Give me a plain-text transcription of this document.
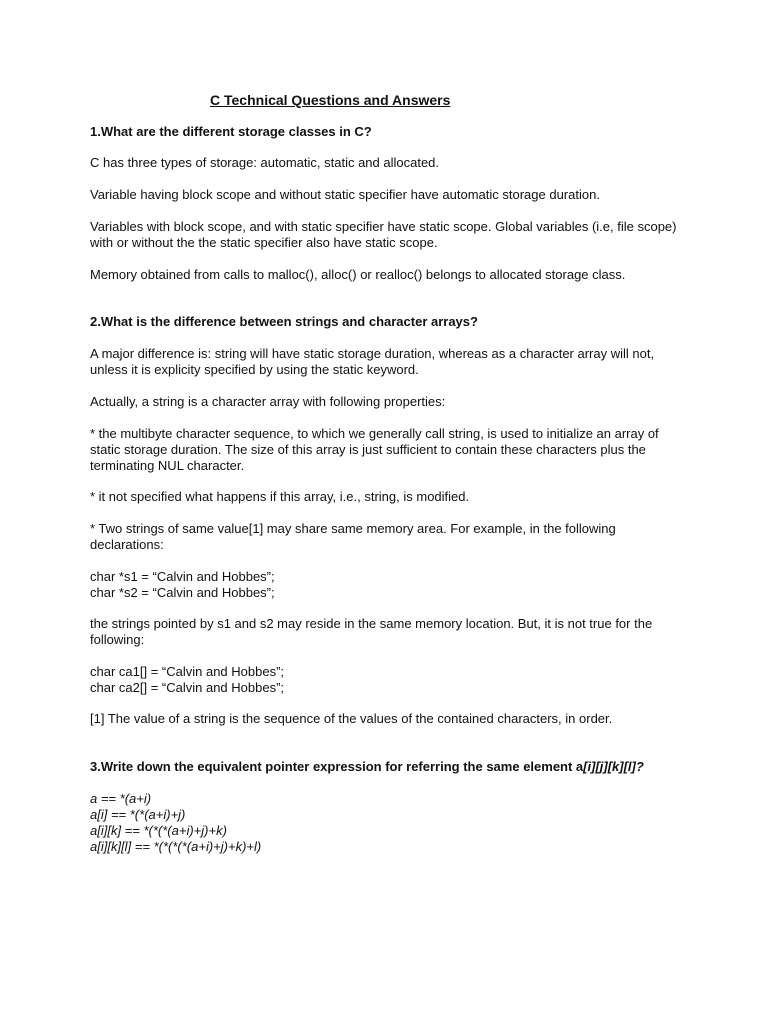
C Technical Questions and Answers

1.What are the different storage classes in C?

C has three types of storage: automatic, static and allocated.

Variable having block scope and without static specifier have automatic storage duration.

Variables with block scope, and with static specifier have static scope. Global variables (i.e, file scope) with or without the the static specifier also have static scope.

Memory obtained from calls to malloc(), alloc() or realloc() belongs to allocated storage class.

2.What is the difference between strings and character arrays?

A major difference is: string will have static storage duration, whereas as a character array will not, unless it is explicity specified by using the static keyword.

Actually, a string is a character array with following properties:

* the multibyte character sequence, to which we generally call string, is used to initialize an array of static storage duration. The size of this array is just sufficient to contain these characters plus the terminating NUL character.

* it not specified what happens if this array, i.e., string, is modified.

* Two strings of same value[1] may share same memory area. For example, in the following declarations:

char *s1 = “Calvin and Hobbes”;
char *s2 = “Calvin and Hobbes”;

the strings pointed by s1 and s2 may reside in the same memory location. But, it is not true for the following:

char ca1[] = “Calvin and Hobbes”;
char ca2[] = “Calvin and Hobbes”;

[1] The value of a string is the sequence of the values of the contained characters, in order.

3.Write down the equivalent pointer expression for referring the same element a[i][j][k][l]?

a == *(a+i)
a[i] == *(*(a+i)+j)
a[i][k] == *(*(*(a+i)+j)+k)
a[i][k][l] == *(*(*(*(a+i)+j)+k)+l)
